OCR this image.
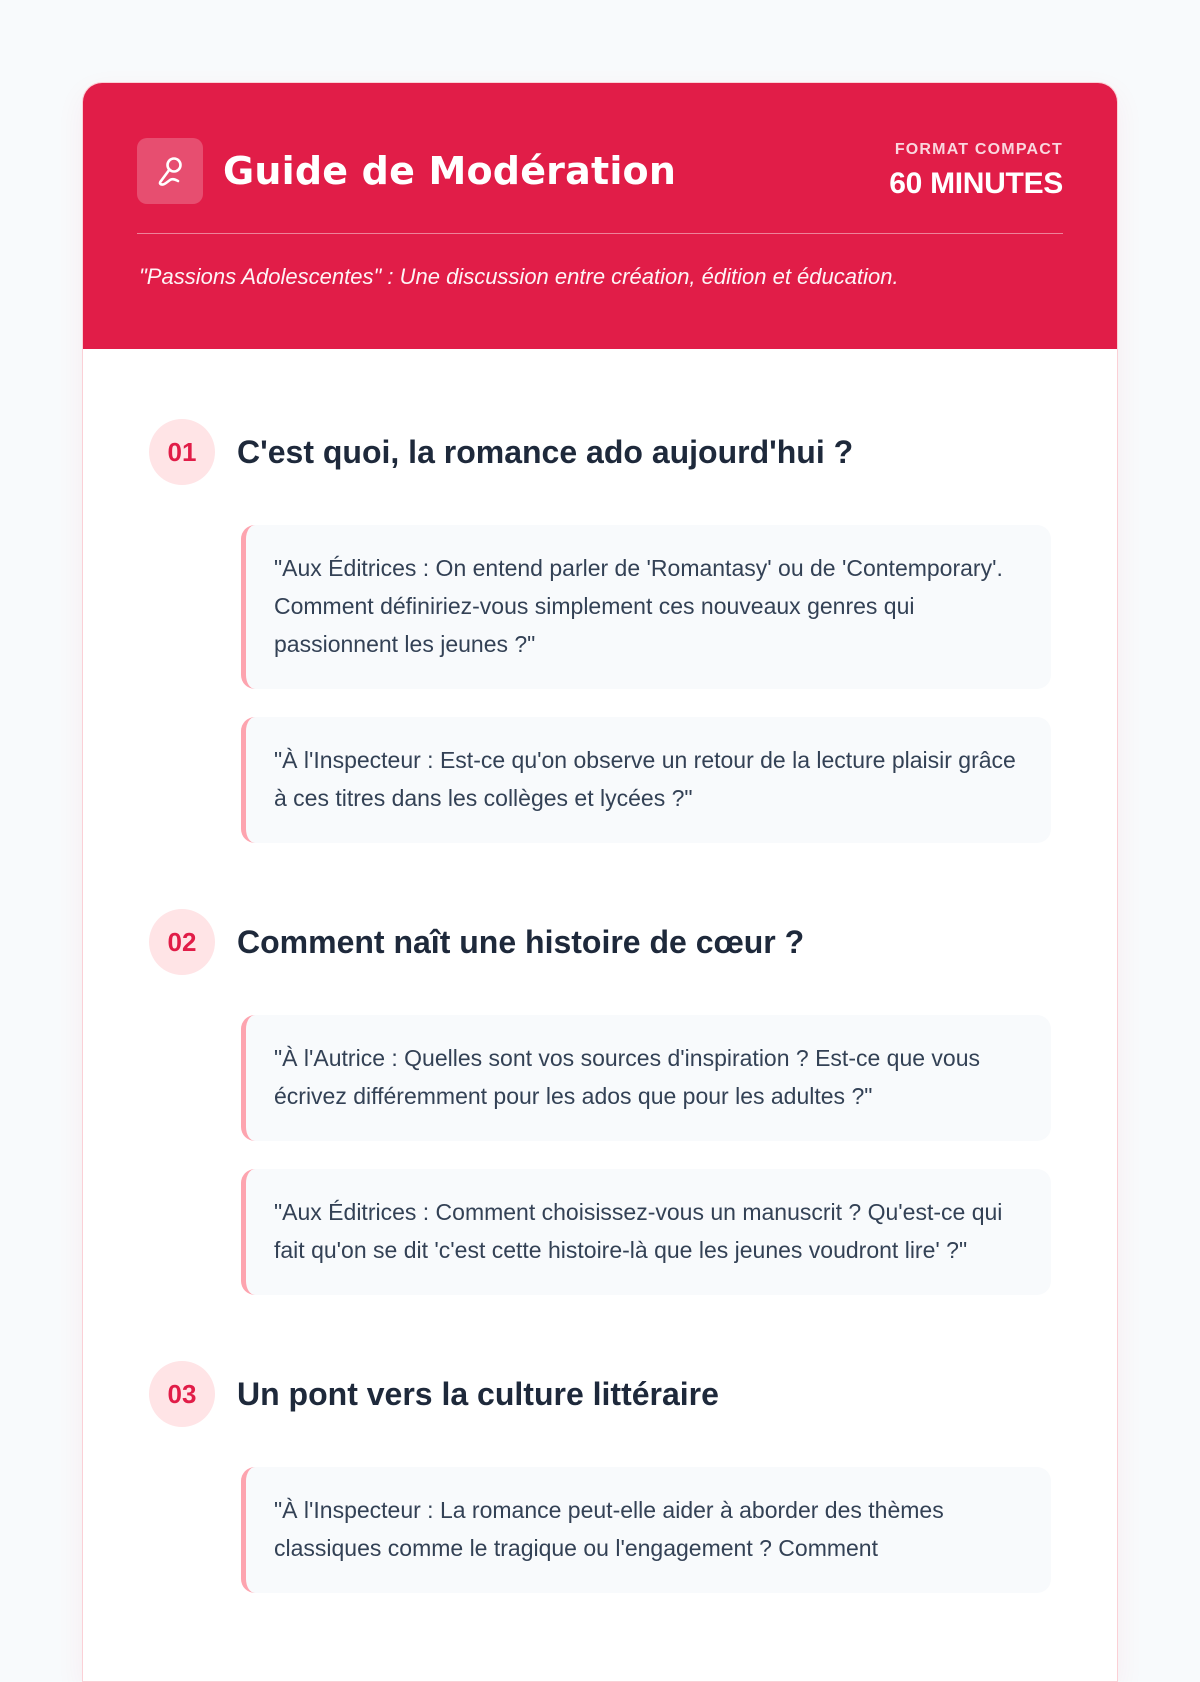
Guide de Modération	FORMAT COMPACT
60 MINUTES
"Passions Adolescentes" : Une discussion entre création, édition et éducation.
01	C'est quoi, la romance ado aujourd'hui ?
"Aux Éditrices : On entend parler de 'Romantasy' ou de 'Contemporary'. Comment définiriez-vous simplement ces nouveaux genres qui passionnent les jeunes ?"
"À l'Inspecteur : Est-ce qu'on observe un retour de la lecture plaisir grâce à ces titres dans les collèges et lycées ?"
02	Comment naît une histoire de cœur ?
"À l'Autrice : Quelles sont vos sources d'inspiration ? Est-ce que vous écrivez différemment pour les ados que pour les adultes ?"
"Aux Éditrices : Comment choisissez-vous un manuscrit ? Qu'est-ce qui fait qu'on se dit 'c'est cette histoire-là que les jeunes voudront lire' ?"
03	Un pont vers la culture littéraire
"À l'Inspecteur : La romance peut-elle aider à aborder des thèmes classiques comme le tragique ou l'engagement ? Comment
